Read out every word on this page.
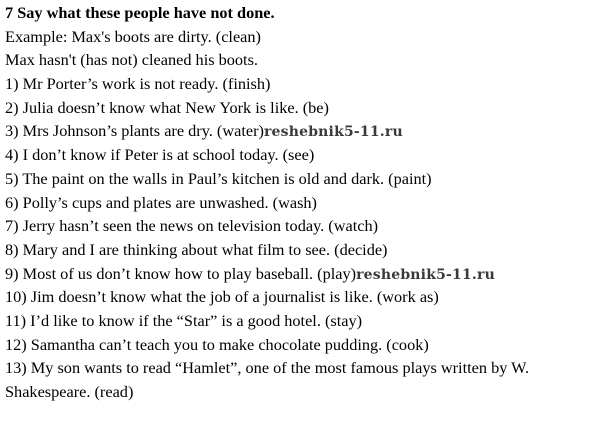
7 Say what these people have not done.
Example: Max's boots are dirty. (clean)
Max hasn't (has not) cleaned his boots.
1) Mr Porter’s work is not ready. (finish)
2) Julia doesn’t know what New York is like. (be)
3) Mrs Johnson’s plants are dry. (water)reshebnik5-11.ru
4) I don’t know if Peter is at school today. (see)
5) The paint on the walls in Paul’s kitchen is old and dark. (paint)
6) Polly’s cups and plates are unwashed. (wash)
7) Jerry hasn’t seen the news on television today. (watch)
8) Mary and I are thinking about what film to see. (decide)
9) Most of us don’t know how to play baseball. (play)reshebnik5-11.ru
10) Jim doesn’t know what the job of a journalist is like. (work as)
11) I’d like to know if the “Star” is a good hotel. (stay)
12) Samantha can’t teach you to make chocolate pudding. (cook)
13) My son wants to read “Hamlet”, one of the most famous plays written by W.
Shakespeare. (read)
